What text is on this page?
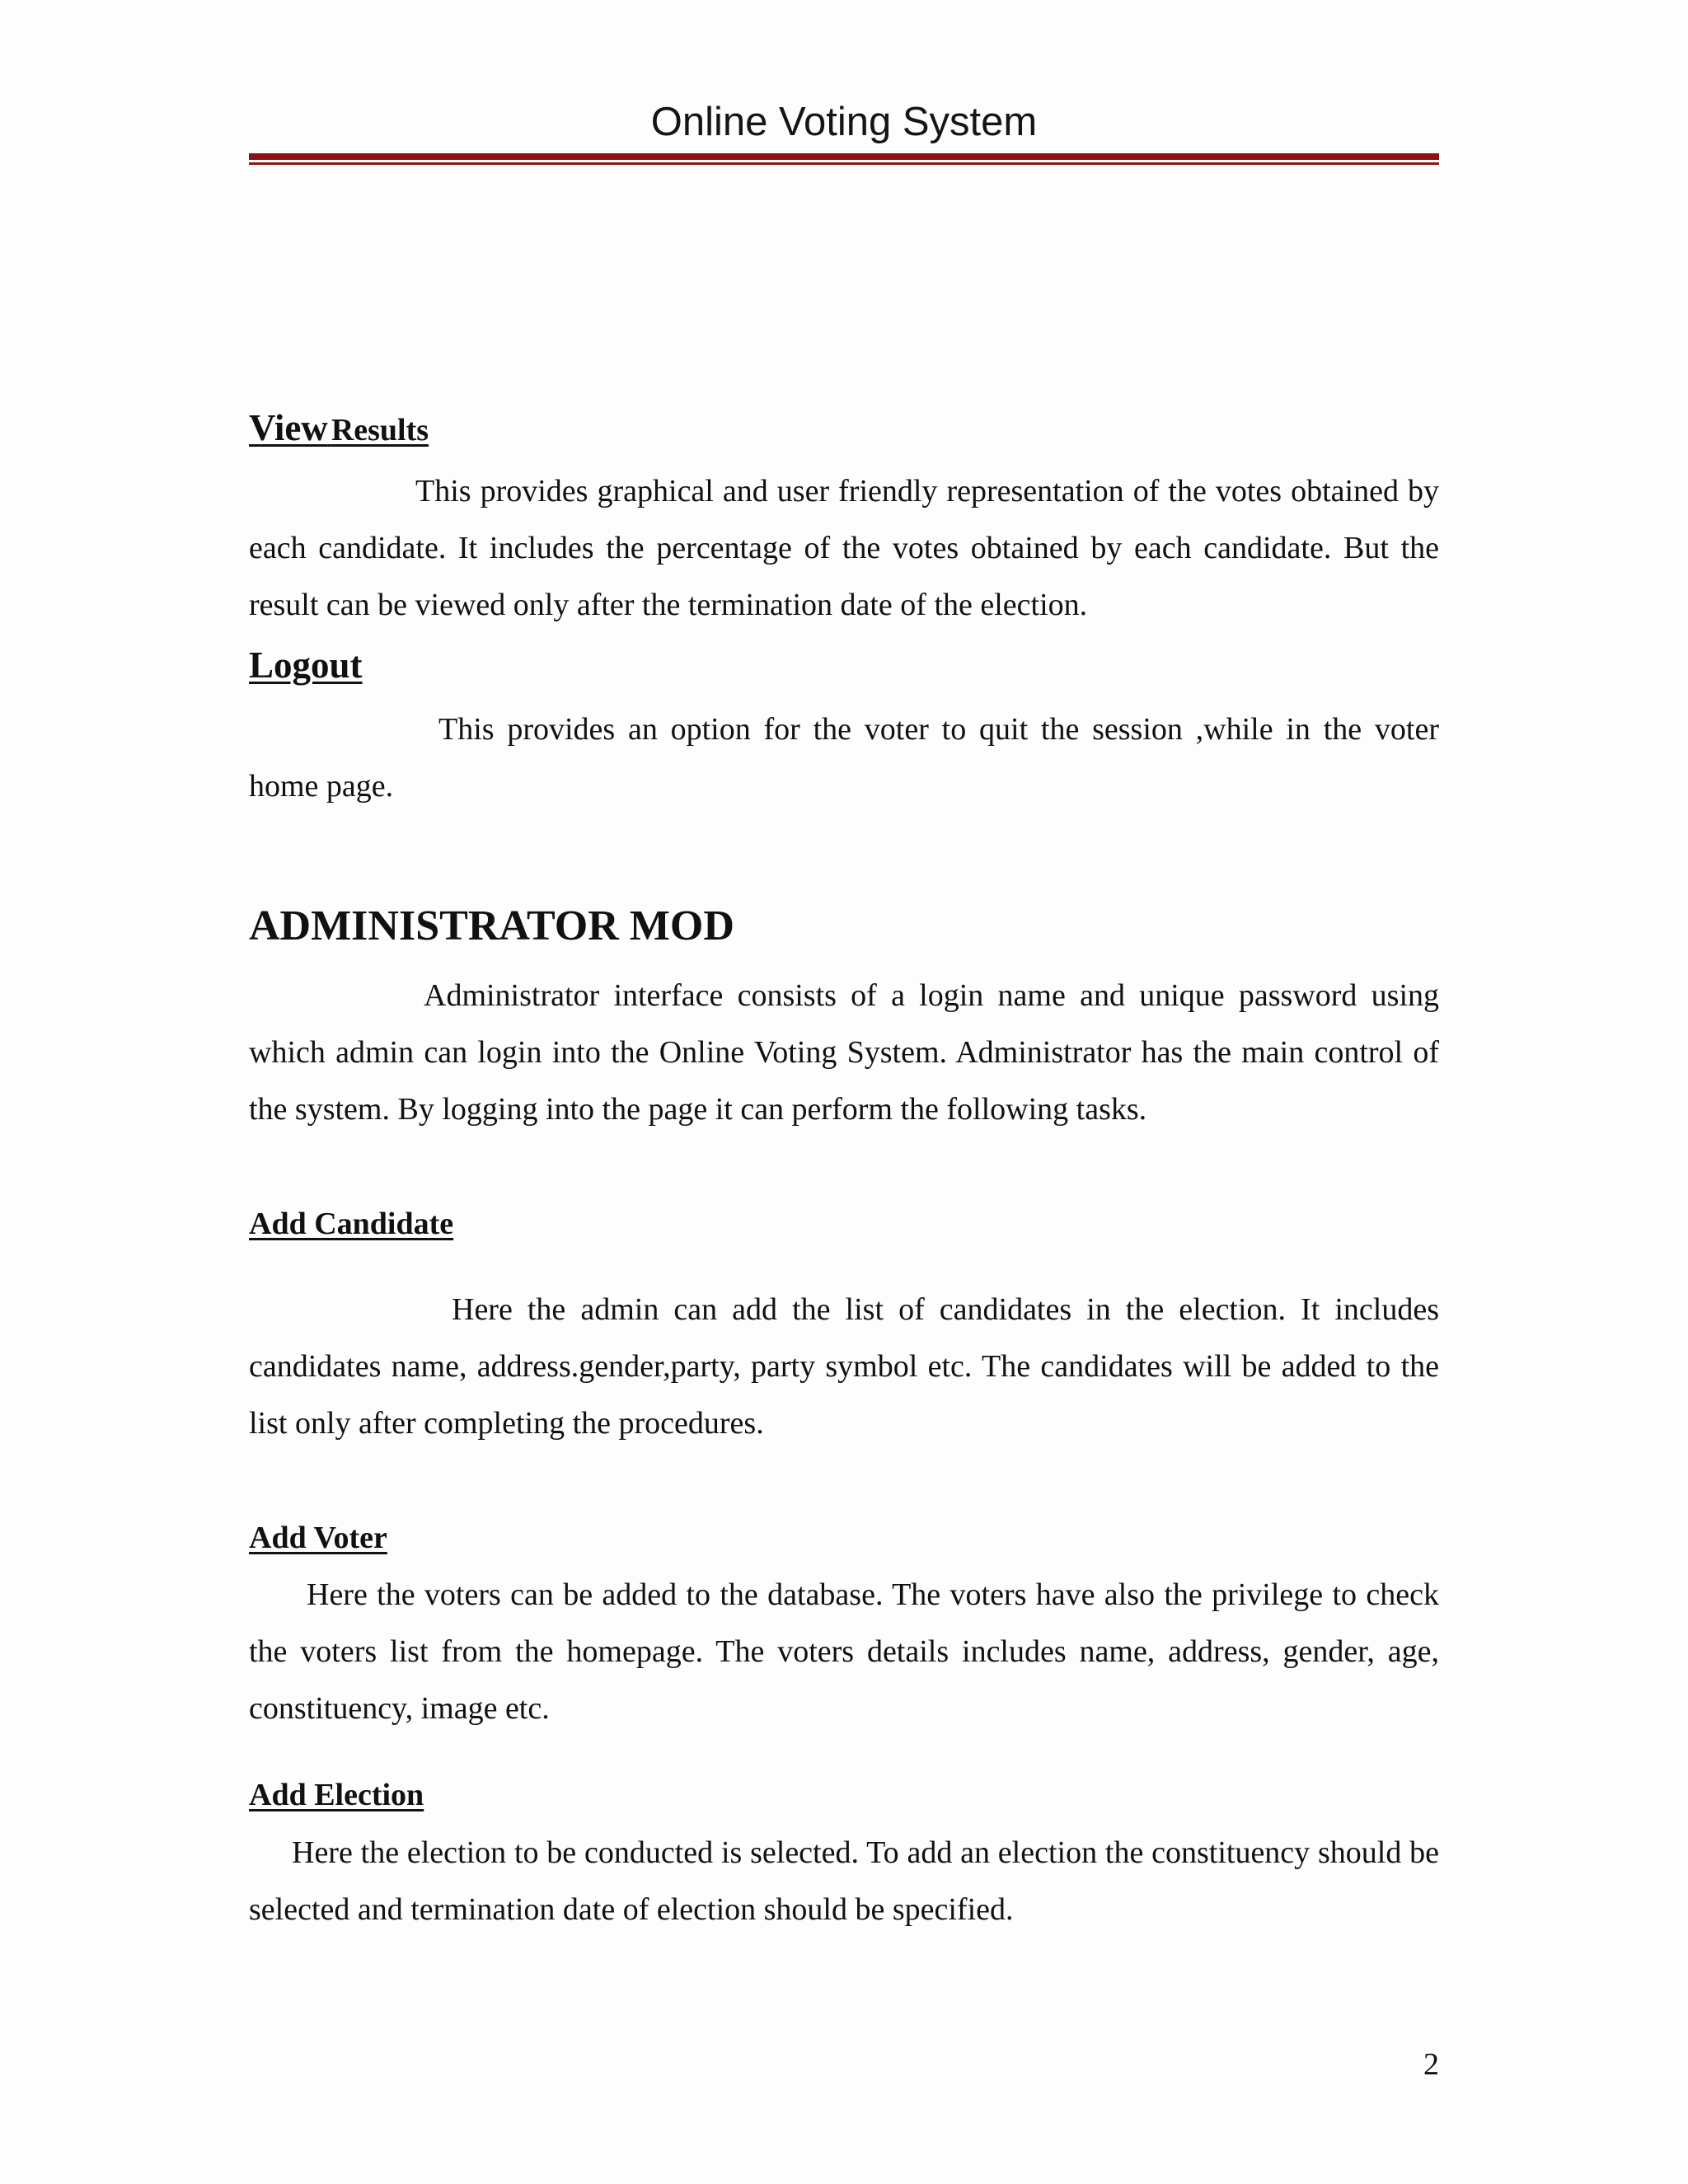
Online Voting System
View Results

This provides graphical and user friendly representation of the votes obtained by each candidate. It includes the percentage of the votes obtained by each candidate. But the result can be viewed only after the termination date of the election.

Logout

This provides an option for the voter to quit the session ,while in the voter home page.

ADMINISTRATOR MOD

Administrator interface consists of a login name and unique password using which admin can login into the Online Voting System. Administrator has the main control of the system. By logging into the page it can perform the following tasks.

Add Candidate

Here the admin can add the list of candidates in the election. It includes candidates name, address.gender,party, party symbol etc. The candidates will be added to the list only after completing the procedures.

Add Voter

Here the voters can be added to the database. The voters have also the privilege to check the voters list from the homepage. The voters details includes name, address, gender, age, constituency, image etc.

Add Election

Here the election to be conducted is selected. To add an election the constituency should be selected and termination date of election should be specified.

2
